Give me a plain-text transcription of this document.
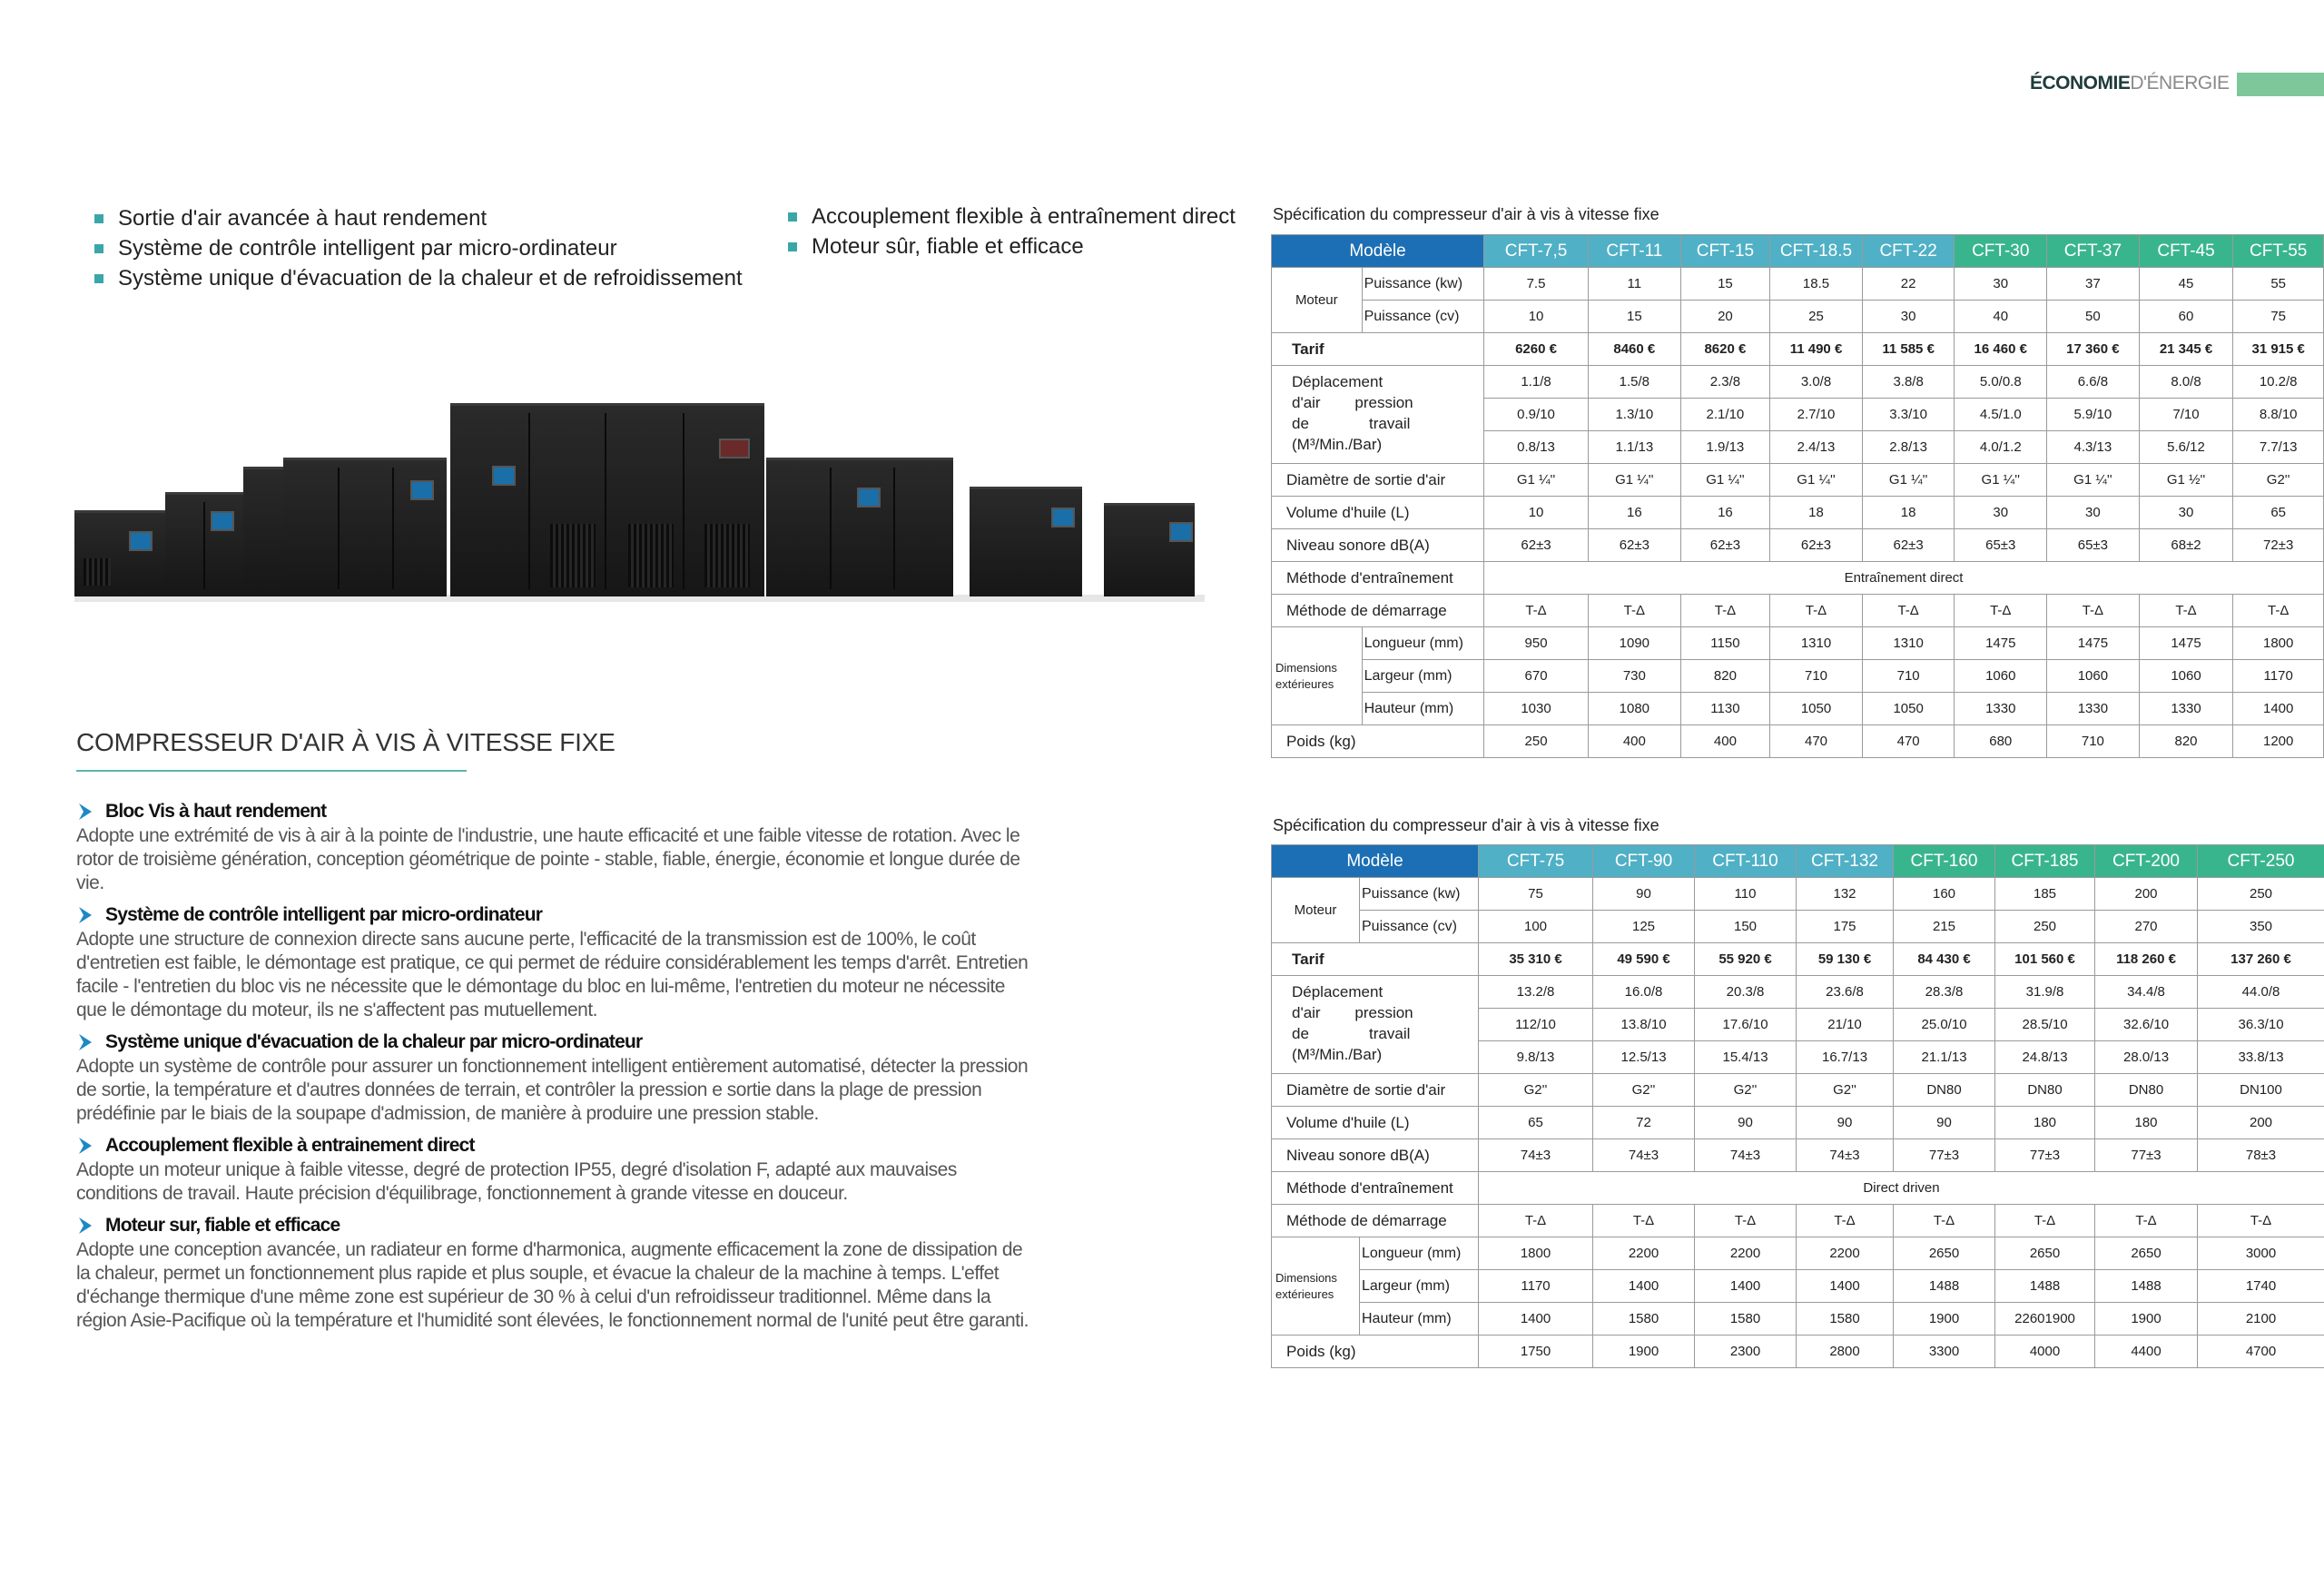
ÉCONOMIED'ÉNERGIE
Sortie d'air avancée à haut rendement
Système de contrôle intelligent par micro-ordinateur
Système unique d'évacuation de la chaleur et de refroidissement
Accouplement flexible à entraînement direct
Moteur sûr, fiable et efficace
COMPRESSEUR D'AIR À VIS À VITESSE FIXE
Bloc Vis à haut rendement

Adopte une extrémité de vis à air à la pointe de l'industrie, une haute efficacité et une faible vitesse de rotation. Avec le rotor de troisième génération, conception géométrique de pointe - stable, fiable, énergie, économie et longue durée de vie.

Système de contrôle intelligent par micro-ordinateur

Adopte une structure de connexion directe sans aucune perte, l'efficacité de la transmission est de 100%, le coût d'entretien est faible, le démontage est pratique, ce qui permet de réduire considérablement les temps d'arrêt. Entretien facile - l'entretien du bloc vis ne nécessite que le démontage du bloc en lui-même, l'entretien du moteur ne nécessite que le démontage du moteur, ils ne s'affectent pas mutuellement.

Système unique d'évacuation de la chaleur par micro-ordinateur

Adopte un système de contrôle pour assurer un fonctionnement intelligent entièrement automatisé, détecter la pression de sortie, la température et d'autres données de terrain, et contrôler la pression e sortie dans la plage de pression prédéfinie par le biais de la soupape d'admission, de manière à produire une pression stable.

Accouplement flexible à entrainement direct

Adopte un moteur unique à faible vitesse, degré de protection IP55, degré d'isolation F, adapté aux mauvaises conditions de travail. Haute précision d'équilibrage, fonctionnement à grande vitesse en douceur.

Moteur sur, fiable et efficace

Adopte une conception avancée, un radiateur en forme d'harmonica, augmente efficacement la zone de dissipation de la chaleur, permet un fonctionnement plus rapide et plus souple, et évacue la chaleur de la machine à temps. L'effet d'échange thermique d'une même zone est supérieur de 30 % à celui d'un refroidisseur traditionnel. Même dans la région Asie-Pacifique où la température et l'humidité sont élevées, le fonctionnement normal de l'unité peut être garanti.

Spécification du compresseur d'air à vis à vitesse fixe
Modèle		CFT-7,5	CFT-11	CFT-15	CFT-18.5	CFT-22	CFT-30	CFT-37	CFT-45	CFT-55
Moteur	Puissance (kw)	7.5	11	15	18.5	22	30	37	45	55
	Puissance (cv)	10	15	20	25	30	40	50	60	75
Tarif		6260 €	8460 €	8620 €	11 490 €	11 585 €	16 460 €	17 360 €	21 345 €	31 915 €

Déplacement
d'air        pression
de              travail
(M³/Min./Bar)		1.1/8	1.5/8	2.3/8	3.0/8	3.8/8	5.0/0.8	6.6/8	8.0/8	10.2/8
		0.9/10	1.3/10	2.1/10	2.7/10	3.3/10	4.5/1.0	5.9/10	7/10	8.8/10
		0.8/13	1.1/13	1.9/13	2.4/13	2.8/13	4.0/1.2	4.3/13	5.6/12	7.7/13
Diamètre de sortie d'air		G1 ¼''	G1 ¼''	G1 ¼''	G1 ¼''	G1 ¼''	G1 ¼''	G1 ¼''	G1 ½''	G2''
Volume d'huile (L)		10	16	16	18	18	30	30	30	65
Niveau sonore dB(A)		62±3	62±3	62±3	62±3	62±3	65±3	65±3	68±2	72±3
Méthode d'entraînement		Entraînement direct								
Méthode de démarrage		T-Δ	T-Δ	T-Δ	T-Δ	T-Δ	T-Δ	T-Δ	T-Δ	T-Δ

Dimensions
extérieures	Longueur (mm)	950	1090	1150	1310	1310	1475	1475	1475	1800
	Largeur (mm)	670	730	820	710	710	1060	1060	1060	1170
	Hauteur (mm)	1030	1080	1130	1050	1050	1330	1330	1330	1400
Poids (kg)		250	400	400	470	470	680	710	820	1200
Spécification du compresseur d'air à vis à vitesse fixe
Modèle		CFT-75	CFT-90	CFT-110	CFT-132	CFT-160	CFT-185	CFT-200	CFT-250
Moteur	Puissance (kw)	75	90	110	132	160	185	200	250
	Puissance (cv)	100	125	150	175	215	250	270	350
Tarif		35 310 €	49 590 €	55 920 €	59 130 €	84 430 €	101 560 €	118 260 €	137 260 €

Déplacement
d'air        pression
de              travail
(M³/Min./Bar)		13.2/8	16.0/8	20.3/8	23.6/8	28.3/8	31.9/8	34.4/8	44.0/8
		112/10	13.8/10	17.6/10	21/10	25.0/10	28.5/10	32.6/10	36.3/10
		9.8/13	12.5/13	15.4/13	16.7/13	21.1/13	24.8/13	28.0/13	33.8/13
Diamètre de sortie d'air		G2''	G2''	G2''	G2''	DN80	DN80	DN80	DN100
Volume d'huile (L)		65	72	90	90	90	180	180	200
Niveau sonore dB(A)		74±3	74±3	74±3	74±3	77±3	77±3	77±3	78±3
Méthode d'entraînement		Direct driven							
Méthode de démarrage		T-Δ	T-Δ	T-Δ	T-Δ	T-Δ	T-Δ	T-Δ	T-Δ

Dimensions
extérieures	Longueur (mm)	1800	2200	2200	2200	2650	2650	2650	3000
	Largeur (mm)	1170	1400	1400	1400	1488	1488	1488	1740
	Hauteur (mm)	1400	1580	1580	1580	1900	22601900	1900	2100
Poids (kg)		1750	1900	2300	2800	3300	4000	4400	4700
